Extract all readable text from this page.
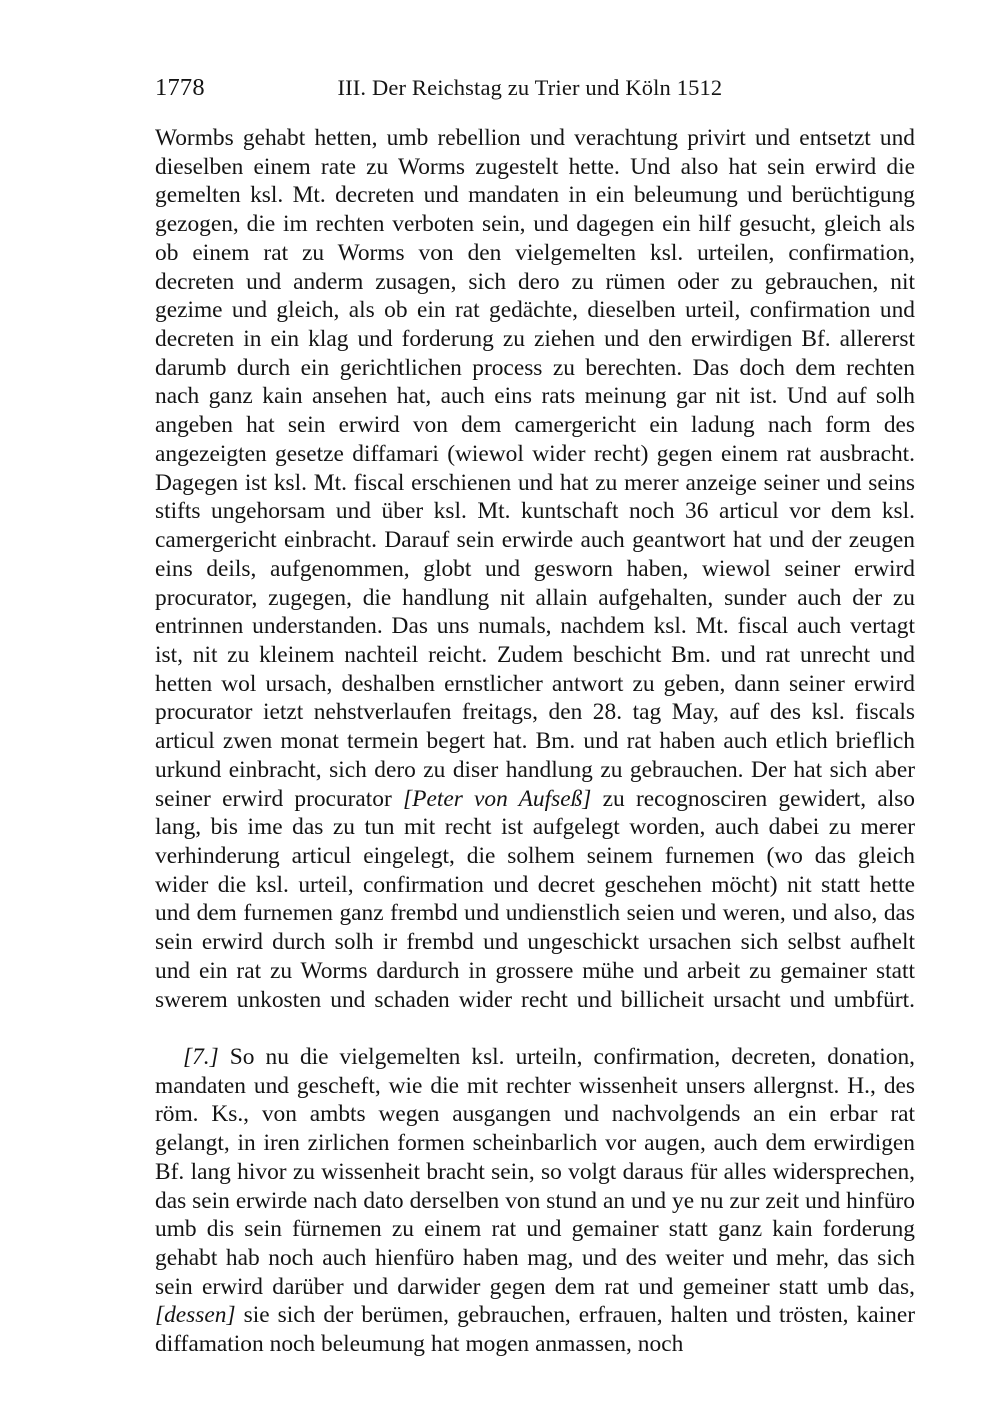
1778	III. Der Reichstag zu Trier und Köln 1512

Wormbs gehabt hetten, umb rebellion und verachtung privirt und entsetzt und dieselben einem rate zu Worms zugestelt hette. Und also hat sein erwird die gemelten ksl. Mt. decreten und mandaten in ein beleumung und berüchtigung gezogen, die im rechten verboten sein, und dagegen ein hilf gesucht, gleich als ob einem rat zu Worms von den vielgemelten ksl. urteilen, confirmation, decreten und anderm zusagen, sich dero zu rümen oder zu gebrauchen, nit gezime und gleich, als ob ein rat gedächte, dieselben urteil, confirmation und decreten in ein klag und forderung zu ziehen und den erwirdigen Bf. allererst darumb durch ein gerichtlichen process zu berechten. Das doch dem rechten nach ganz kain ansehen hat, auch eins rats meinung gar nit ist. Und auf solh angeben hat sein erwird von dem camergericht ein ladung nach form des angezeigten gesetze diffamari (wiewol wider recht) gegen einem rat ausbracht. Dagegen ist ksl. Mt. fiscal erschienen und hat zu merer anzeige seiner und seins stifts ungehorsam und über ksl. Mt. kuntschaft noch 36 articul vor dem ksl. camergericht einbracht. Darauf sein erwirde auch geantwort hat und der zeugen eins deils, aufgenommen, globt und gesworn haben, wiewol seiner erwird procurator, zugegen, die handlung nit allain aufgehalten, sunder auch der zu entrinnen understanden. Das uns numals, nachdem ksl. Mt. fiscal auch vertagt ist, nit zu kleinem nachteil reicht. Zudem beschicht Bm. und rat unrecht und hetten wol ursach, deshalben ernstlicher antwort zu geben, dann seiner erwird procurator ietzt nehstverlaufen freitags, den 28. tag May, auf des ksl. fiscals articul zwen monat termein begert hat. Bm. und rat haben auch etlich brieflich urkund einbracht, sich dero zu diser handlung zu gebrauchen. Der hat sich aber seiner erwird procurator [Peter von Aufseß] zu recognosciren gewidert, also lang, bis ime das zu tun mit recht ist aufgelegt worden, auch dabei zu merer verhinderung articul eingelegt, die solhem seinem furnemen (wo das gleich wider die ksl. urteil, confirmation und decret geschehen möcht) nit statt hette und dem furnemen ganz frembd und undienstlich seien und weren, und also, das sein erwird durch solh ir frembd und ungeschickt ursachen sich selbst aufhelt und ein rat zu Worms dardurch in grossere mühe und arbeit zu gemainer statt swerem unkosten und schaden wider recht und billicheit ursacht und umbfürt.

[7.] So nu die vielgemelten ksl. urteiln, confirmation, decreten, donation, mandaten und gescheft, wie die mit rechter wissenheit unsers allergnst. H., des röm. Ks., von ambts wegen ausgangen und nachvolgends an ein erbar rat gelangt, in iren zirlichen formen scheinbarlich vor augen, auch dem erwirdigen Bf. lang hivor zu wissenheit bracht sein, so volgt daraus für alles widersprechen, das sein erwirde nach dato derselben von stund an und ye nu zur zeit und hinfüro umb dis sein fürnemen zu einem rat und gemainer statt ganz kain forderung gehabt hab noch auch hienfüro haben mag, und des weiter und mehr, das sich sein erwird darüber und darwider gegen dem rat und gemeiner statt umb das, [dessen] sie sich der berümen, gebrauchen, erfrauen, halten und trösten, kainer diffamation noch beleumung hat mogen anmassen, noch
